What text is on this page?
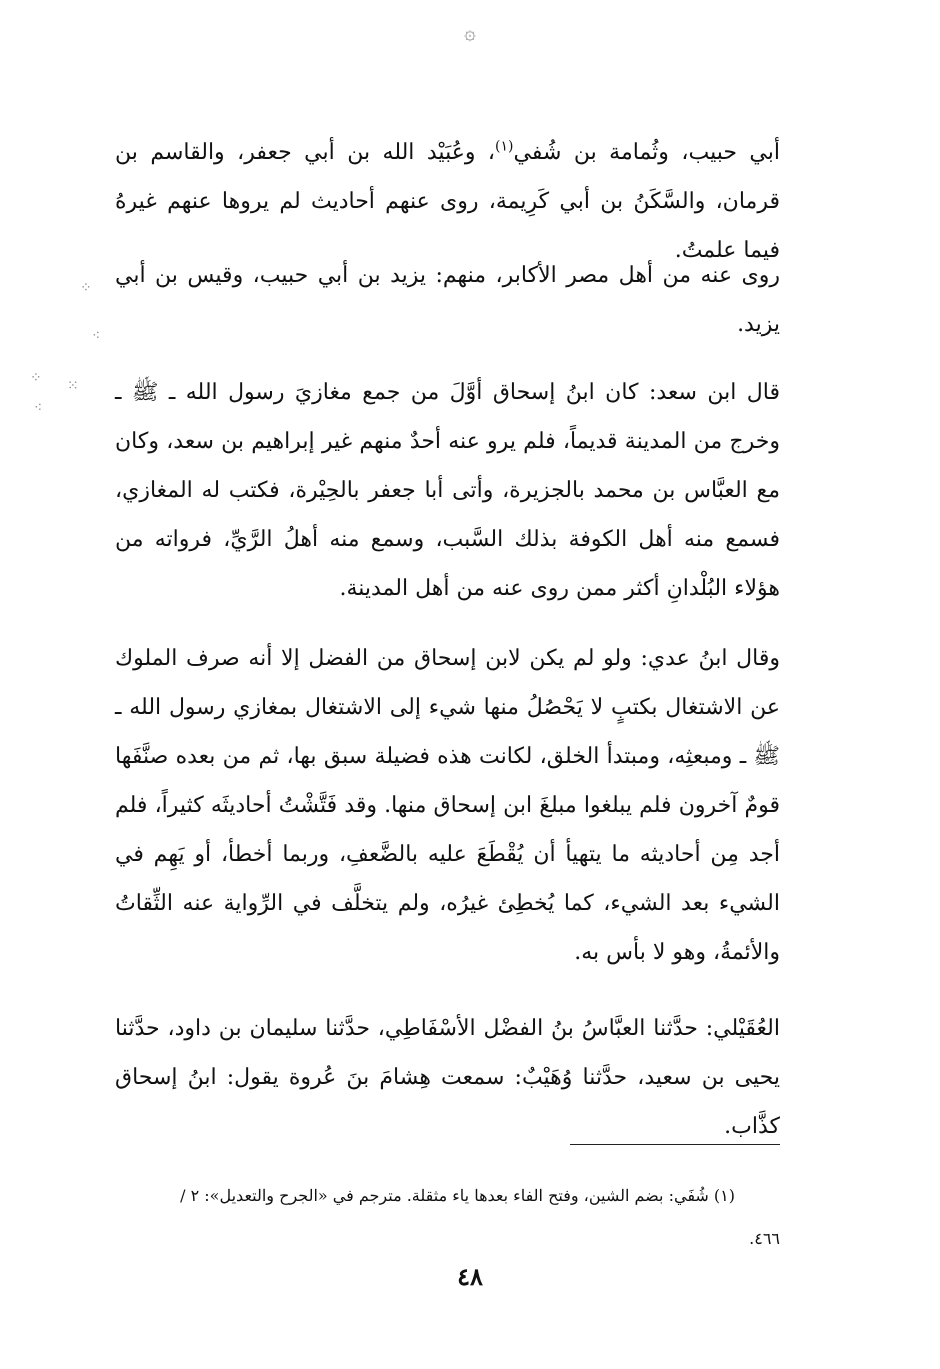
۞
⁘
⁖
⁘ ⁙
⁖

أبي حبيب، وثُمامة بن شُفي$^{(١)}$، وعُبَيْد الله بن أبي جعفر، والقاسم بن قرمان، والسَّكَنُ بن أبي كَرِيمة، روى عنهم أحاديث لم يروها عنهم غيرهُ فيما علمتُ.

روى عنه من أهل مصر الأكابر، منهم: يزيد بن أبي حبيب، وقيس بن أبي يزيد.

قال ابن سعد: كان ابنُ إسحاق أوَّلَ من جمع مغازيَ رسول الله ـ ﷺ ـ وخرج من المدينة قديماً، فلم يرو عنه أحدٌ منهم غير إبراهيم بن سعد، وكان مع العبَّاس بن محمد بالجزيرة، وأتى أبا جعفر بالحِيْرة، فكتب له المغازي، فسمع منه أهل الكوفة بذلك السَّبب، وسمع منه أهلُ الرَّيِّ، فرواته من هؤلاء البُلْدانِ أكثر ممن روى عنه من أهل المدينة.

وقال ابنُ عدي: ولو لم يكن لابن إسحاق من الفضل إلا أنه صرف الملوك عن الاشتغال بكتبٍ لا يَحْصُلُ منها شيء إلى الاشتغال بمغازي رسول الله ـ ﷺ ـ ومبعثِه، ومبتدأ الخلق، لكانت هذه فضيلة سبق بها، ثم من بعده صنَّفَها قومٌ آخرون فلم يبلغوا مبلغَ ابن إسحاق منها. وقد فَتَّشْتُ أحاديثَه كثيراً، فلم أجد مِن أحاديثه ما يتهيأ أن يُقْطَعَ عليه بالضَّعفِ، وربما أخطأ، أو يَهِم في الشيء بعد الشيء، كما يُخطِئ غيرُه، ولم يتخلَّف في الرِّواية عنه الثِّقاتُ والأئمةُ، وهو لا بأس به.

العُقَيْلي: حدَّثنا العبَّاسُ بنُ الفضْل الأسْفَاطِي، حدَّثنا سليمان بن داود، حدَّثنا يحيى بن سعيد، حدَّثنا وُهَيْبٌ: سمعت هِشامَ بنَ عُروة يقول: ابنُ إسحاق كذَّاب.

(١) شُفَي: بضم الشين، وفتح الفاء بعدها ياء مثقلة. مترجم في «الجرح والتعديل»: ٢ /

٤٦٦.

٤٨
